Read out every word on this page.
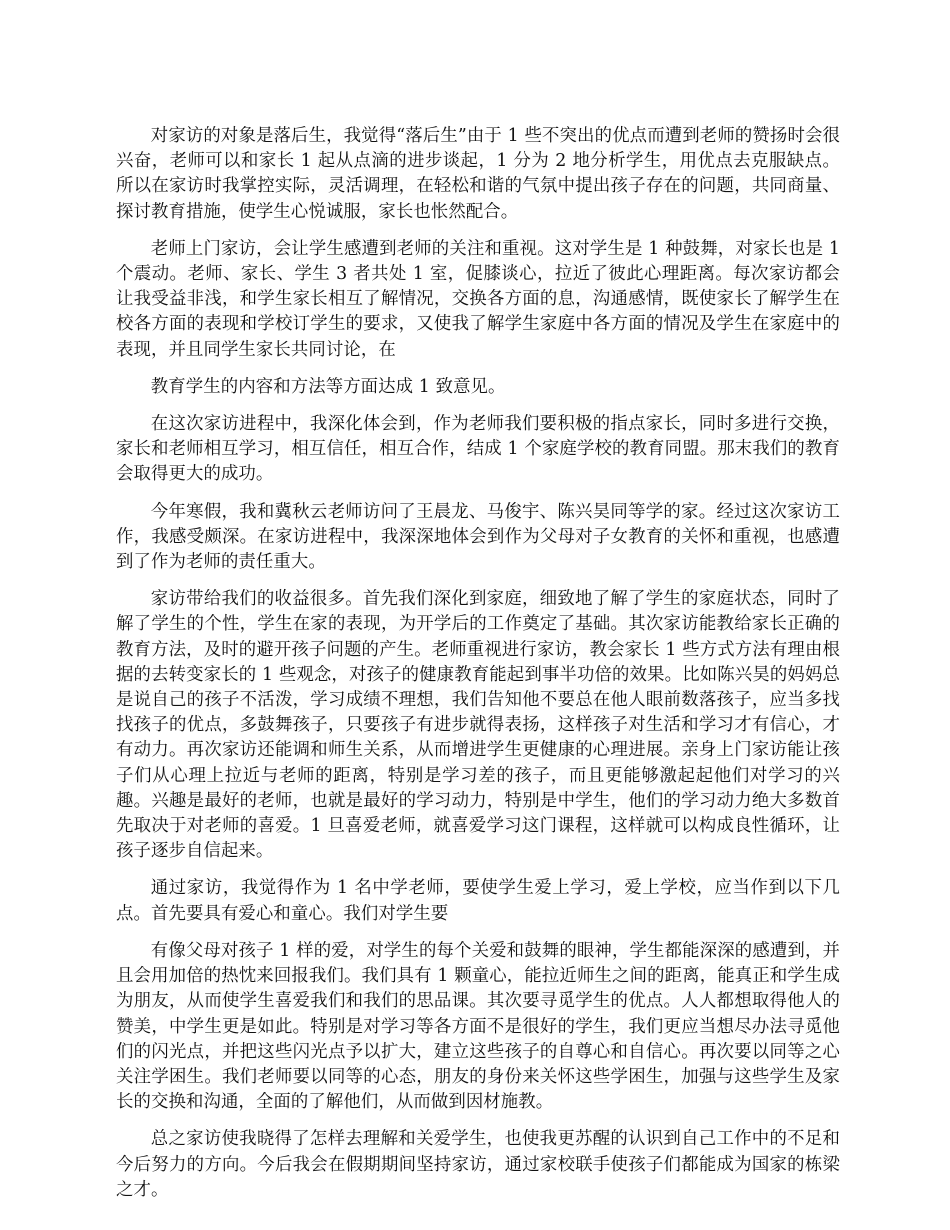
对家访的对象是落后生，我觉得“落后生”由于 1 些不突出的优点而遭到老师的赞扬时会很兴奋，老师可以和家长 1 起从点滴的进步谈起，1 分为 2 地分析学生，用优点去克服缺点。所以在家访时我掌控实际，灵活调理，在轻松和谐的气氛中提出孩子存在的问题，共同商量、探讨教育措施，使学生心悦诚服，家长也怅然配合。

老师上门家访，会让学生感遭到老师的关注和重视。这对学生是 1 种鼓舞，对家长也是 1 个震动。老师、家长、学生 3 者共处 1 室，促膝谈心，拉近了彼此心理距离。每次家访都会让我受益非浅，和学生家长相互了解情况，交换各方面的息，沟通感情，既使家长了解学生在校各方面的表现和学校订学生的要求，又使我了解学生家庭中各方面的情况及学生在家庭中的表现，并且同学生家长共同讨论，在

教育学生的内容和方法等方面达成 1 致意见。

在这次家访进程中，我深化体会到，作为老师我们要积极的指点家长，同时多进行交换，家长和老师相互学习，相互信任，相互合作，结成 1 个家庭学校的教育同盟。那末我们的教育会取得更大的成功。

今年寒假，我和冀秋云老师访问了王晨龙、马俊宇、陈兴昊同等学的家。经过这次家访工作，我感受颇深。在家访进程中，我深深地体会到作为父母对子女教育的关怀和重视，也感遭到了作为老师的责任重大。

家访带给我们的收益很多。首先我们深化到家庭，细致地了解了学生的家庭状态，同时了解了学生的个性，学生在家的表现，为开学后的工作奠定了基础。其次家访能教给家长正确的教育方法，及时的避开孩子问题的产生。老师重视进行家访，教会家长 1 些方式方法有理由根据的去转变家长的 1 些观念，对孩子的健康教育能起到事半功倍的效果。比如陈兴昊的妈妈总是说自己的孩子不活泼，学习成绩不理想，我们告知他不要总在他人眼前数落孩子，应当多找找孩子的优点，多鼓舞孩子，只要孩子有进步就得表扬，这样孩子对生活和学习才有信心，才有动力。再次家访还能调和师生关系，从而增进学生更健康的心理进展。亲身上门家访能让孩子们从心理上拉近与老师的距离，特别是学习差的孩子，而且更能够激起起他们对学习的兴趣。兴趣是最好的老师，也就是最好的学习动力，特别是中学生，他们的学习动力绝大多数首先取决于对老师的喜爱。1 旦喜爱老师，就喜爱学习这门课程，这样就可以构成良性循环，让孩子逐步自信起来。

通过家访，我觉得作为 1 名中学老师，要使学生爱上学习，爱上学校，应当作到以下几点。首先要具有爱心和童心。我们对学生要

有像父母对孩子 1 样的爱，对学生的每个关爱和鼓舞的眼神，学生都能深深的感遭到，并且会用加倍的热忱来回报我们。我们具有 1 颗童心，能拉近师生之间的距离，能真正和学生成为朋友，从而使学生喜爱我们和我们的思品课。其次要寻觅学生的优点。人人都想取得他人的赞美，中学生更是如此。特别是对学习等各方面不是很好的学生，我们更应当想尽办法寻觅他们的闪光点，并把这些闪光点予以扩大，建立这些孩子的自尊心和自信心。再次要以同等之心关注学困生。我们老师要以同等的心态，朋友的身份来关怀这些学困生，加强与这些学生及家长的交换和沟通，全面的了解他们，从而做到因材施教。

总之家访使我晓得了怎样去理解和关爱学生，也使我更苏醒的认识到自己工作中的不足和今后努力的方向。今后我会在假期期间坚持家访，通过家校联手使孩子们都能成为国家的栋梁之才。
